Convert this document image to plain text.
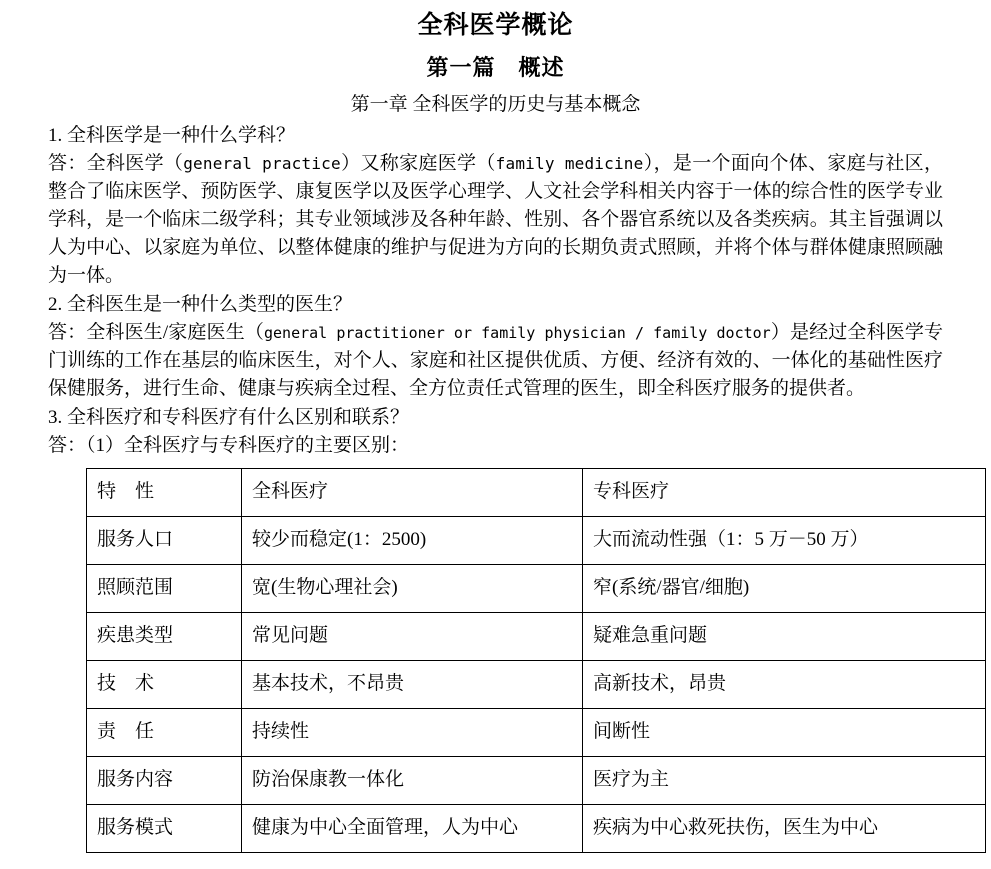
全科医学概论
第一篇　概述
第一章 全科医学的历史与基本概念
1. 全科医学是一种什么学科？
答：全科医学（general practice）又称家庭医学（family medicine），是一个面向个体、家庭与社区，整合了临床医学、预防医学、康复医学以及医学心理学、人文社会学科相关内容于一体的综合性的医学专业学科，是一个临床二级学科；其专业领域涉及各种年龄、性别、各个器官系统以及各类疾病。其主旨强调以人为中心、以家庭为单位、以整体健康的维护与促进为方向的长期负责式照顾，并将个体与群体健康照顾融为一体。
2. 全科医生是一种什么类型的医生？
答：全科医生/家庭医生（general practitioner or family physician / family doctor）是经过全科医学专门训练的工作在基层的临床医生，对个人、家庭和社区提供优质、方便、经济有效的、一体化的基础性医疗保健服务，进行生命、健康与疾病全过程、全方位责任式管理的医生，即全科医疗服务的提供者。
3. 全科医疗和专科医疗有什么区别和联系？
答：（1）全科医疗与专科医疗的主要区别：
特　性	全科医疗	专科医疗
服务人口	较少而稳定(1：2500)	大而流动性强（1：5 万－50 万）
照顾范围	宽(生物心理社会)	窄(系统/器官/细胞)
疾患类型	常见问题	疑难急重问题
技　术	基本技术，不昂贵	高新技术，昂贵
责　任	持续性	间断性
服务内容	防治保康教一体化	医疗为主
服务模式	健康为中心全面管理，人为中心	疾病为中心救死扶伤，医生为中心
